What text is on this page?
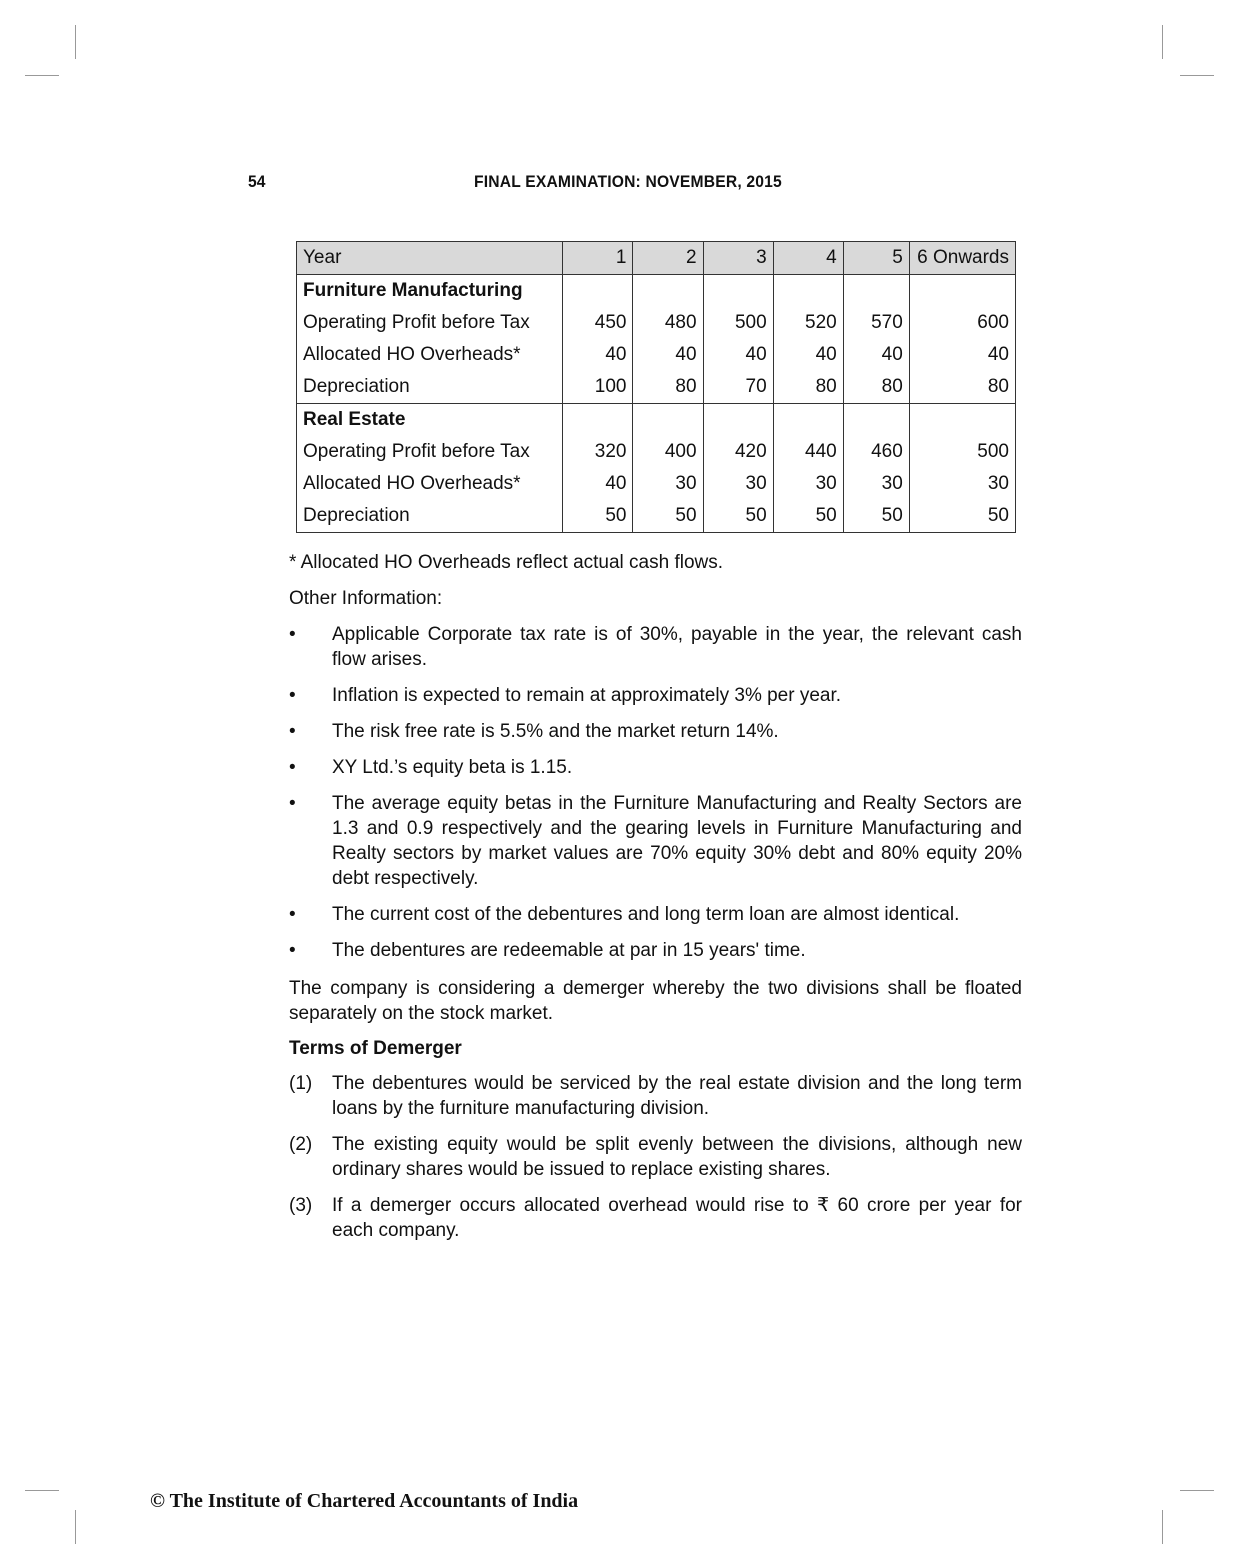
54	FINAL EXAMINATION: NOVEMBER, 2015
Year	1	2	3	4	5	6 Onwards
Furniture Manufacturing						
Operating Profit before Tax	450	480	500	520	570	600
Allocated HO Overheads*	40	40	40	40	40	40
Depreciation	100	80	70	80	80	80
Real Estate						
Operating Profit before Tax	320	400	420	440	460	500
Allocated HO Overheads*	40	30	30	30	30	30
Depreciation	50	50	50	50	50	50
* Allocated HO Overheads reflect actual cash flows.
Other Information:
•	Applicable Corporate tax rate is of 30%, payable in the year, the relevant cash flow arises.
•	Inflation is expected to remain at approximately 3% per year.
•	The risk free rate is 5.5% and the market return 14%.
•	XY Ltd.’s equity beta is 1.15.
•	The average equity betas in the Furniture Manufacturing and Realty Sectors are 1.3 and 0.9 respectively and the gearing levels in Furniture Manufacturing and Realty sectors by market values are 70% equity 30% debt and 80% equity 20% debt respectively.
•	The current cost of the debentures and long term loan are almost identical.
•	The debentures are redeemable at par in 15 years' time.
The company is considering a demerger whereby the two divisions shall be floated separately on the stock market.
Terms of Demerger
(1) The debentures would be serviced by the real estate division and the long term loans by the furniture manufacturing division.
(2) The existing equity would be split evenly between the divisions, although new ordinary shares would be issued to replace existing shares.
(3) If a demerger occurs allocated overhead would rise to ₹ 60 crore per year for each company.
© The Institute of Chartered Accountants of India
